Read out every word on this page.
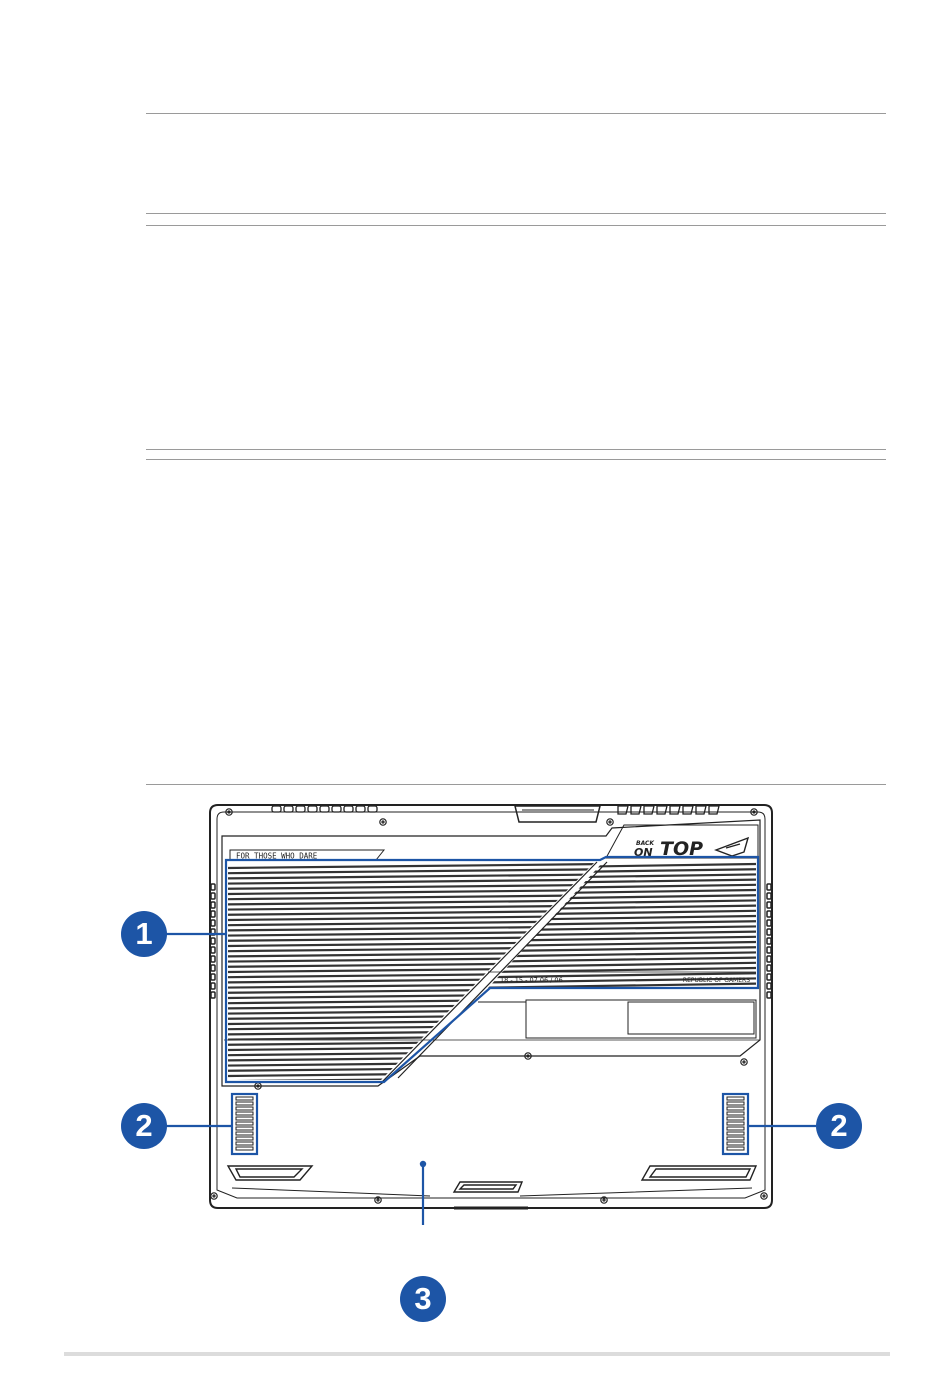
FOR THOSE WHO DARE
BACK
ON TOP
18 - 15 - 07 06 / 06	REPUBLIC OF GAMERS
1
2	2
3
